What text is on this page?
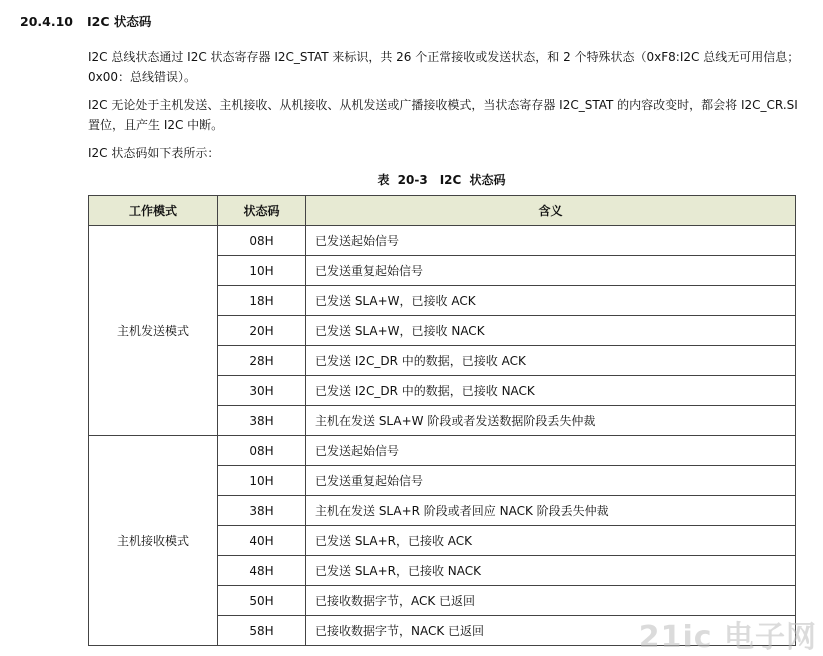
20.4.10 I2C 状态码
I2C 总线状态通过 I2C 状态寄存器 I2C_STAT 来标识，共 26 个正常接收或发送状态，和 2 个特殊状态（0xF8:I2C 总线无可用信息；0x00：总线错误）。
I2C 无论处于主机发送、主机接收、从机接收、从机发送或广播接收模式，当状态寄存器 I2C_STAT 的内容改变时，都会将 I2C_CR.SI 置位，且产生 I2C 中断。
I2C 状态码如下表所示：
表 20-3　I2C 状态码
工作模式	状态码	含义
主机发送模式	08H	已发送起始信号
	10H	已发送重复起始信号
	18H	已发送 SLA+W，已接收 ACK
	20H	已发送 SLA+W，已接收 NACK
	28H	已发送 I2C_DR 中的数据，已接收 ACK
	30H	已发送 I2C_DR 中的数据，已接收 NACK
	38H	主机在发送 SLA+W 阶段或者发送数据阶段丢失仲裁
主机接收模式	08H	已发送起始信号
	10H	已发送重复起始信号
	38H	主机在发送 SLA+R 阶段或者回应 NACK 阶段丢失仲裁
	40H	已发送 SLA+R，已接收 ACK
	48H	已发送 SLA+R，已接收 NACK
	50H	已接收数据字节，ACK 已返回
	58H	已接收数据字节，NACK 已返回	21ic 电子网
